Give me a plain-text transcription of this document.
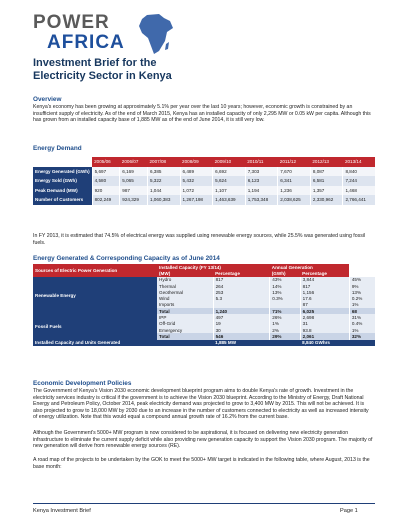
POWER
AFRICA
Investment Brief for the
Electricity Sector in Kenya
Overview
Kenya's economy has been growing at approximately 5.1% per year over the last 10 years; however, economic growth is constrained by an insufficient supply of electricity. As of the end of March 2015, Kenya has an installed capacity of only 2,295 MW or 0.05 kW per capita. Although this has grown from an installed capacity base of 1,885 MW as of the end of June 2014, it is still very low.
Energy Demand
	2005/06	2006/07	2007/08	2008/09	2009/10	2010/11	2011/12	2012/13	2013/14
Energy Generated (GWh)	5,697	6,169	6,385	6,489	6,692	7,303	7,670	8,087	8,840
Energy Sold (GWh)	4,580	5,065	5,322	5,432	5,624	6,123	6,341	6,581	7,244
Peak Demand (MW)	920	987	1,044	1,072	1,107	1,194	1,236	1,357	1,468
Number of Customers	802,249	924,329	1,060,383	1,267,198	1,463,639	1,753,348	2,038,625	2,330,962	2,766,441
In FY 2013, it is estimated that 74.5% of electrical energy was supplied using renewable energy sources, while 25.5% was generated using fossil fuels.
Energy Generated & Corresponding Capacity as of June 2014
Sources of Electric Power Generation	Installed Capacity (FY 13/14)		Annual Generation		
	(MW)	Percentage	(GWh)	Percentage	
Renewable Energy	Hydro	817	43%	3,844	45%
	Thermal	264	14%	817	9%
	Geothermal	253	13%	1,156	13%
	Wind	5.3	0.3%	17.6	0.2%
	Imports			87	1%
	Total	1,240	71%	6,025	68
Fossil Fuels	IPP	497	26%	2,698	31%
	Off-Grid	19	1%	31	0.4%
	Emergency	30	2%	93.8	1%
	Total	546	29%	2,061	32%
Installed Capacity and Units Generated		1,885 MW		8,840 GWhrs	
Economic Development Policies
The Government of Kenya's Vision 2030 economic development blueprint program aims to double Kenya's rate of growth. Investment in the electricity services industry is critical if the government is to achieve the Vision 2030 blueprint. According to the Ministry of Energy, Draft National Energy and Petroleum Policy, October 2014, peak electricity demand was projected to grow to 3,400 MW by 2015. This will not be achieved. It is also projected to grow to 18,000 MW by 2030 due to an increase in the number of customers connected to electricity as well as increased intensity of energy utilization. Note that this would equal a compound annual growth rate of 16.2% from the current base.
Although the Government's 5000+ MW program is now considered to be aspirational, it is focused on delivering new electricity generation infrastructure to eliminate the current supply deficit while also providing new generation capacity to support the Vision 2030 program. The majority of new generation will derive from renewable energy sources (RE).
A road map of the projects to be undertaken by the GOK to meet the 5000+ MW target is indicated in the following table, where August, 2013 is the base month:
Kenya Investment Brief	Page 1
